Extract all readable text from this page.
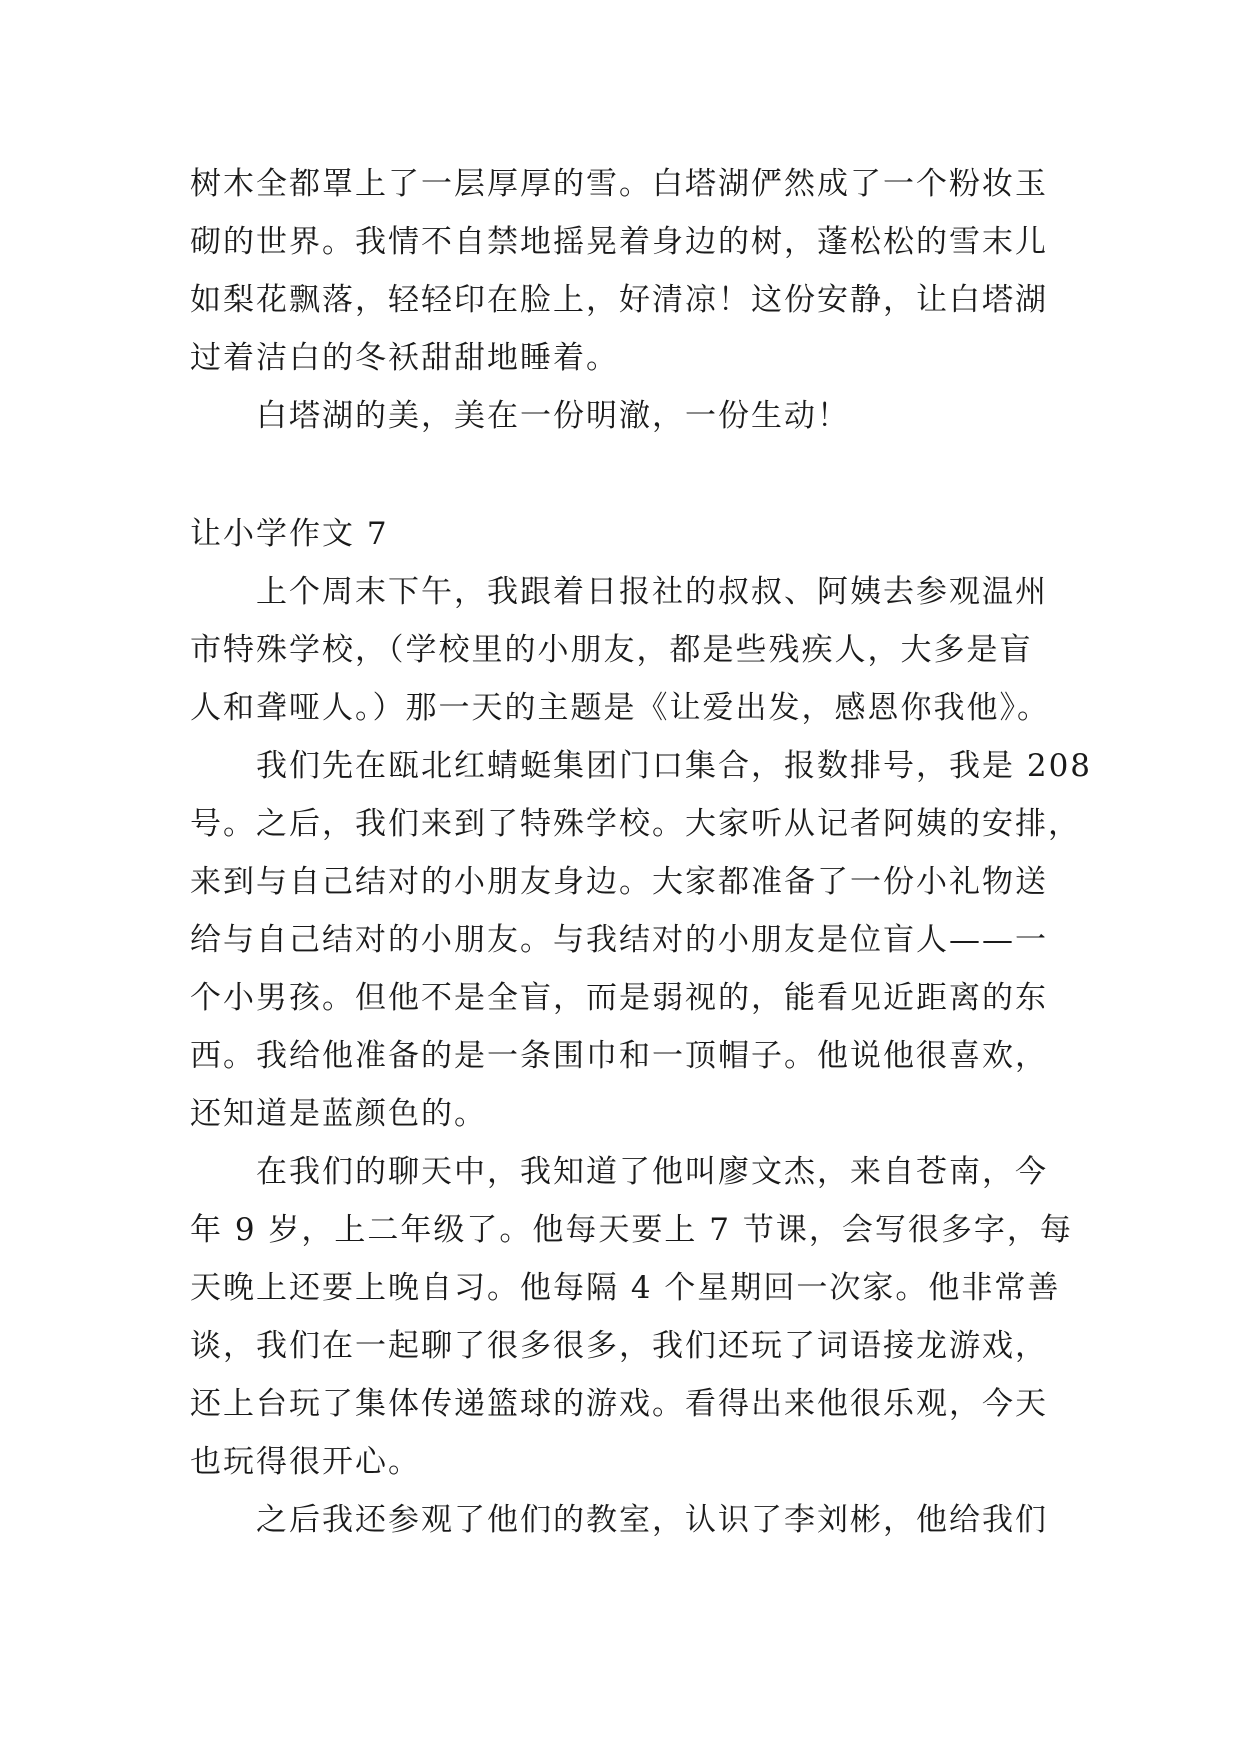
树木全都罩上了一层厚厚的雪。白塔湖俨然成了一个粉妆玉
砌的世界。我情不自禁地摇晃着身边的树，蓬松松的雪末儿
如梨花飘落，轻轻印在脸上，好清凉！这份安静，让白塔湖
过着洁白的冬袄甜甜地睡着。
白塔湖的美，美在一份明澈，一份生动！
让小学作文 7
上个周末下午，我跟着日报社的叔叔、阿姨去参观温州
市特殊学校，（学校里的小朋友，都是些残疾人，大多是盲
人和聋哑人。）那一天的主题是《让爱出发，感恩你我他》。
我们先在瓯北红蜻蜓集团门口集合，报数排号，我是 208
号。之后，我们来到了特殊学校。大家听从记者阿姨的安排，
来到与自己结对的小朋友身边。大家都准备了一份小礼物送
给与自己结对的小朋友。与我结对的小朋友是位盲人——一
个小男孩。但他不是全盲，而是弱视的，能看见近距离的东
西。我给他准备的是一条围巾和一顶帽子。他说他很喜欢，
还知道是蓝颜色的。
在我们的聊天中，我知道了他叫廖文杰，来自苍南，今
年 9 岁，上二年级了。他每天要上 7 节课，会写很多字，每
天晚上还要上晚自习。他每隔 4 个星期回一次家。他非常善
谈，我们在一起聊了很多很多，我们还玩了词语接龙游戏，
还上台玩了集体传递篮球的游戏。看得出来他很乐观，今天
也玩得很开心。
之后我还参观了他们的教室，认识了李刘彬，他给我们
